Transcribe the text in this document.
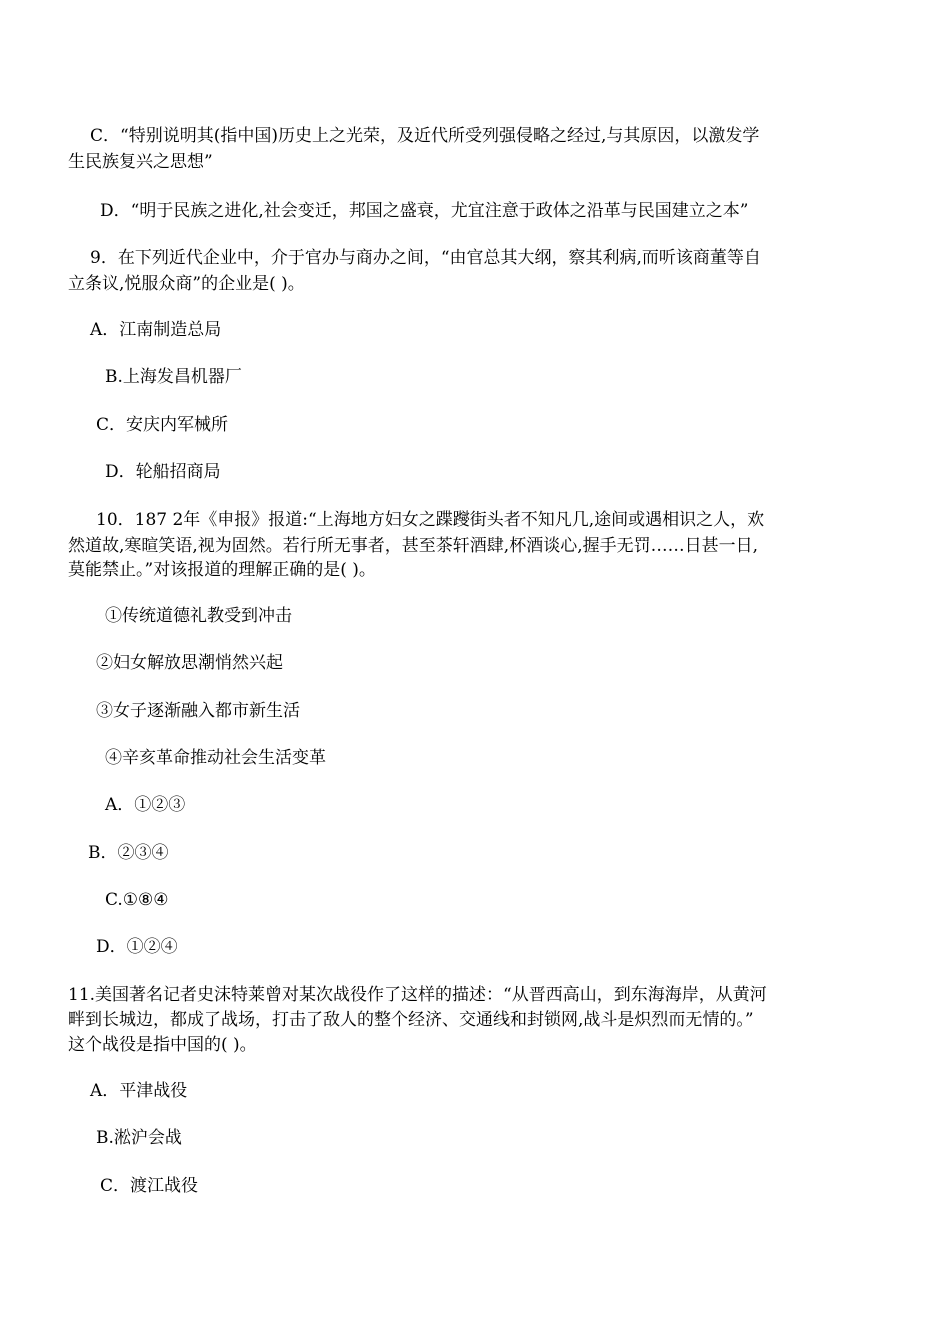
C．“特别说明其(指中国)历史上之光荣，及近代所受列强侵略之经过,与其原因，以激发学
生民族复兴之思想”
D．“明于民族之进化,社会变迁，邦国之盛衰，尤宜注意于政体之沿革与民国建立之本”
9．在下列近代企业中，介于官办与商办之间，“由官总其大纲，察其利病,而听该商董等自
立条议,悦服众商”的企业是( )。
A．江南制造总局
B.上海发昌机器厂
C．安庆内军械所
D．轮船招商局
10．187 2年《申报》报道:“上海地方妇女之蹀躞街头者不知凡几,途间或遇相识之人，欢
然道故,寒暄笑语,视为固然。若行所无事者，甚至茶轩酒肆,杯酒谈心,握手无罚……日甚一日,
莫能禁止。”对该报道的理解正确的是( )。
①传统道德礼教受到冲击
②妇女解放思潮悄然兴起
③女子逐渐融入都市新生活
④辛亥革命推动社会生活变革
A．①②③
B．②③④
C.①⑧④
D．①②④
11.美国著名记者史沫特莱曾对某次战役作了这样的描述：“从晋西高山，到东海海岸，从黄河
畔到长城边，都成了战场，打击了敌人的整个经济、交通线和封锁网,战斗是炽烈而无情的。”
这个战役是指中国的( )。
A．平津战役
B.淞沪会战
C．渡江战役
